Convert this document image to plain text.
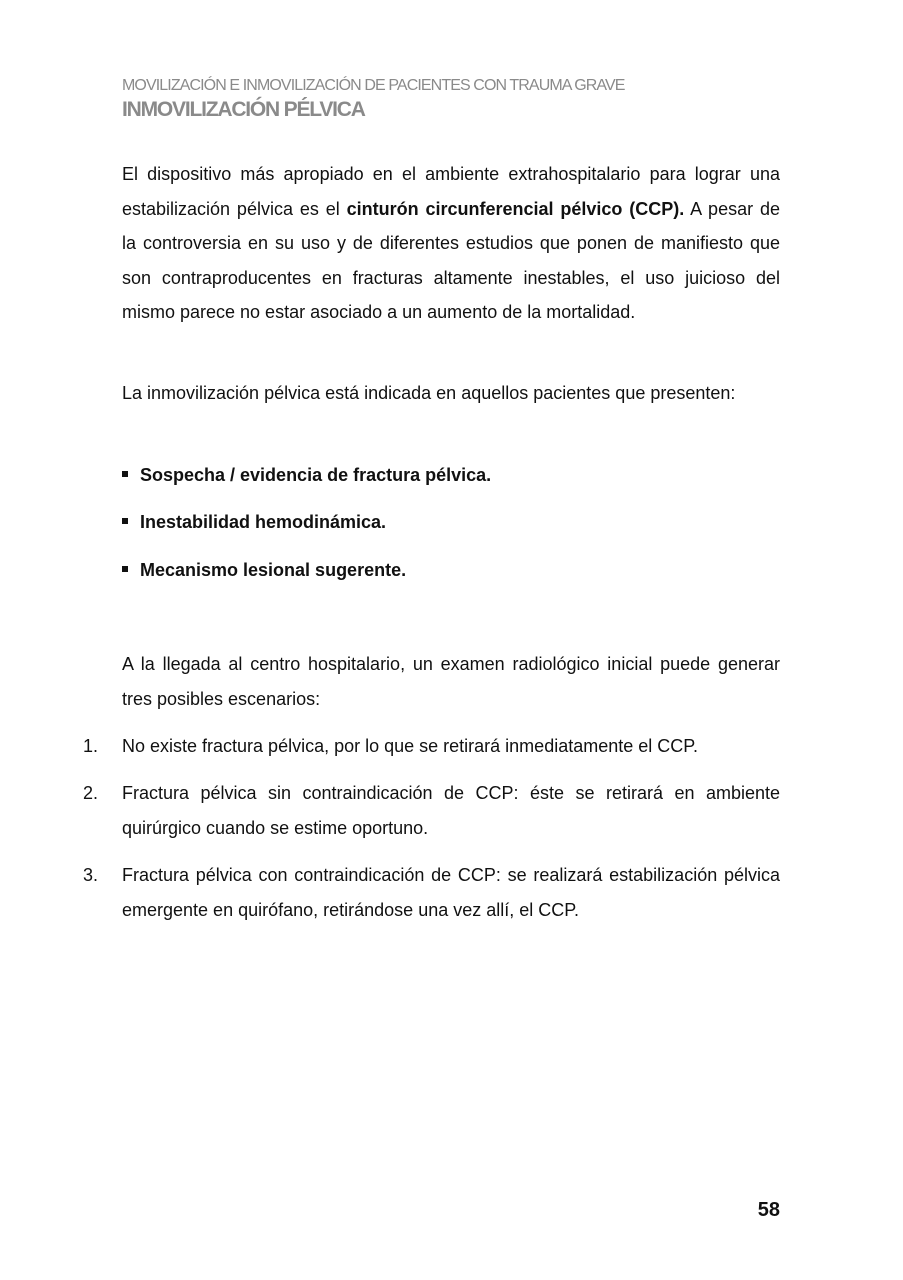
MOVILIZACIÓN E INMOVILIZACIÓN DE PACIENTES CON TRAUMA GRAVE
INMOVILIZACIÓN PÉLVICA
El dispositivo más apropiado en el ambiente extrahospitalario para lograr una estabilización pélvica es el cinturón circunferencial pélvico (CCP). A pesar de la controversia en su uso y de diferentes estudios que ponen de manifiesto que son contraproducentes en fracturas altamente inestables, el uso juicioso del mismo parece no estar asociado a un aumento de la mortalidad.
La inmovilización pélvica está indicada en aquellos pacientes que presenten:
Sospecha / evidencia de fractura pélvica.
Inestabilidad hemodinámica.
Mecanismo lesional sugerente.
A la llegada al centro hospitalario, un examen radiológico inicial puede generar tres posibles escenarios:
1. No existe fractura pélvica, por lo que se retirará inmediatamente el CCP.
2. Fractura pélvica sin contraindicación de CCP: éste se retirará en ambiente quirúrgico cuando se estime oportuno.
3. Fractura pélvica con contraindicación de CCP: se realizará estabilización pélvica emergente en quirófano, retirándose una vez allí, el CCP.
58
